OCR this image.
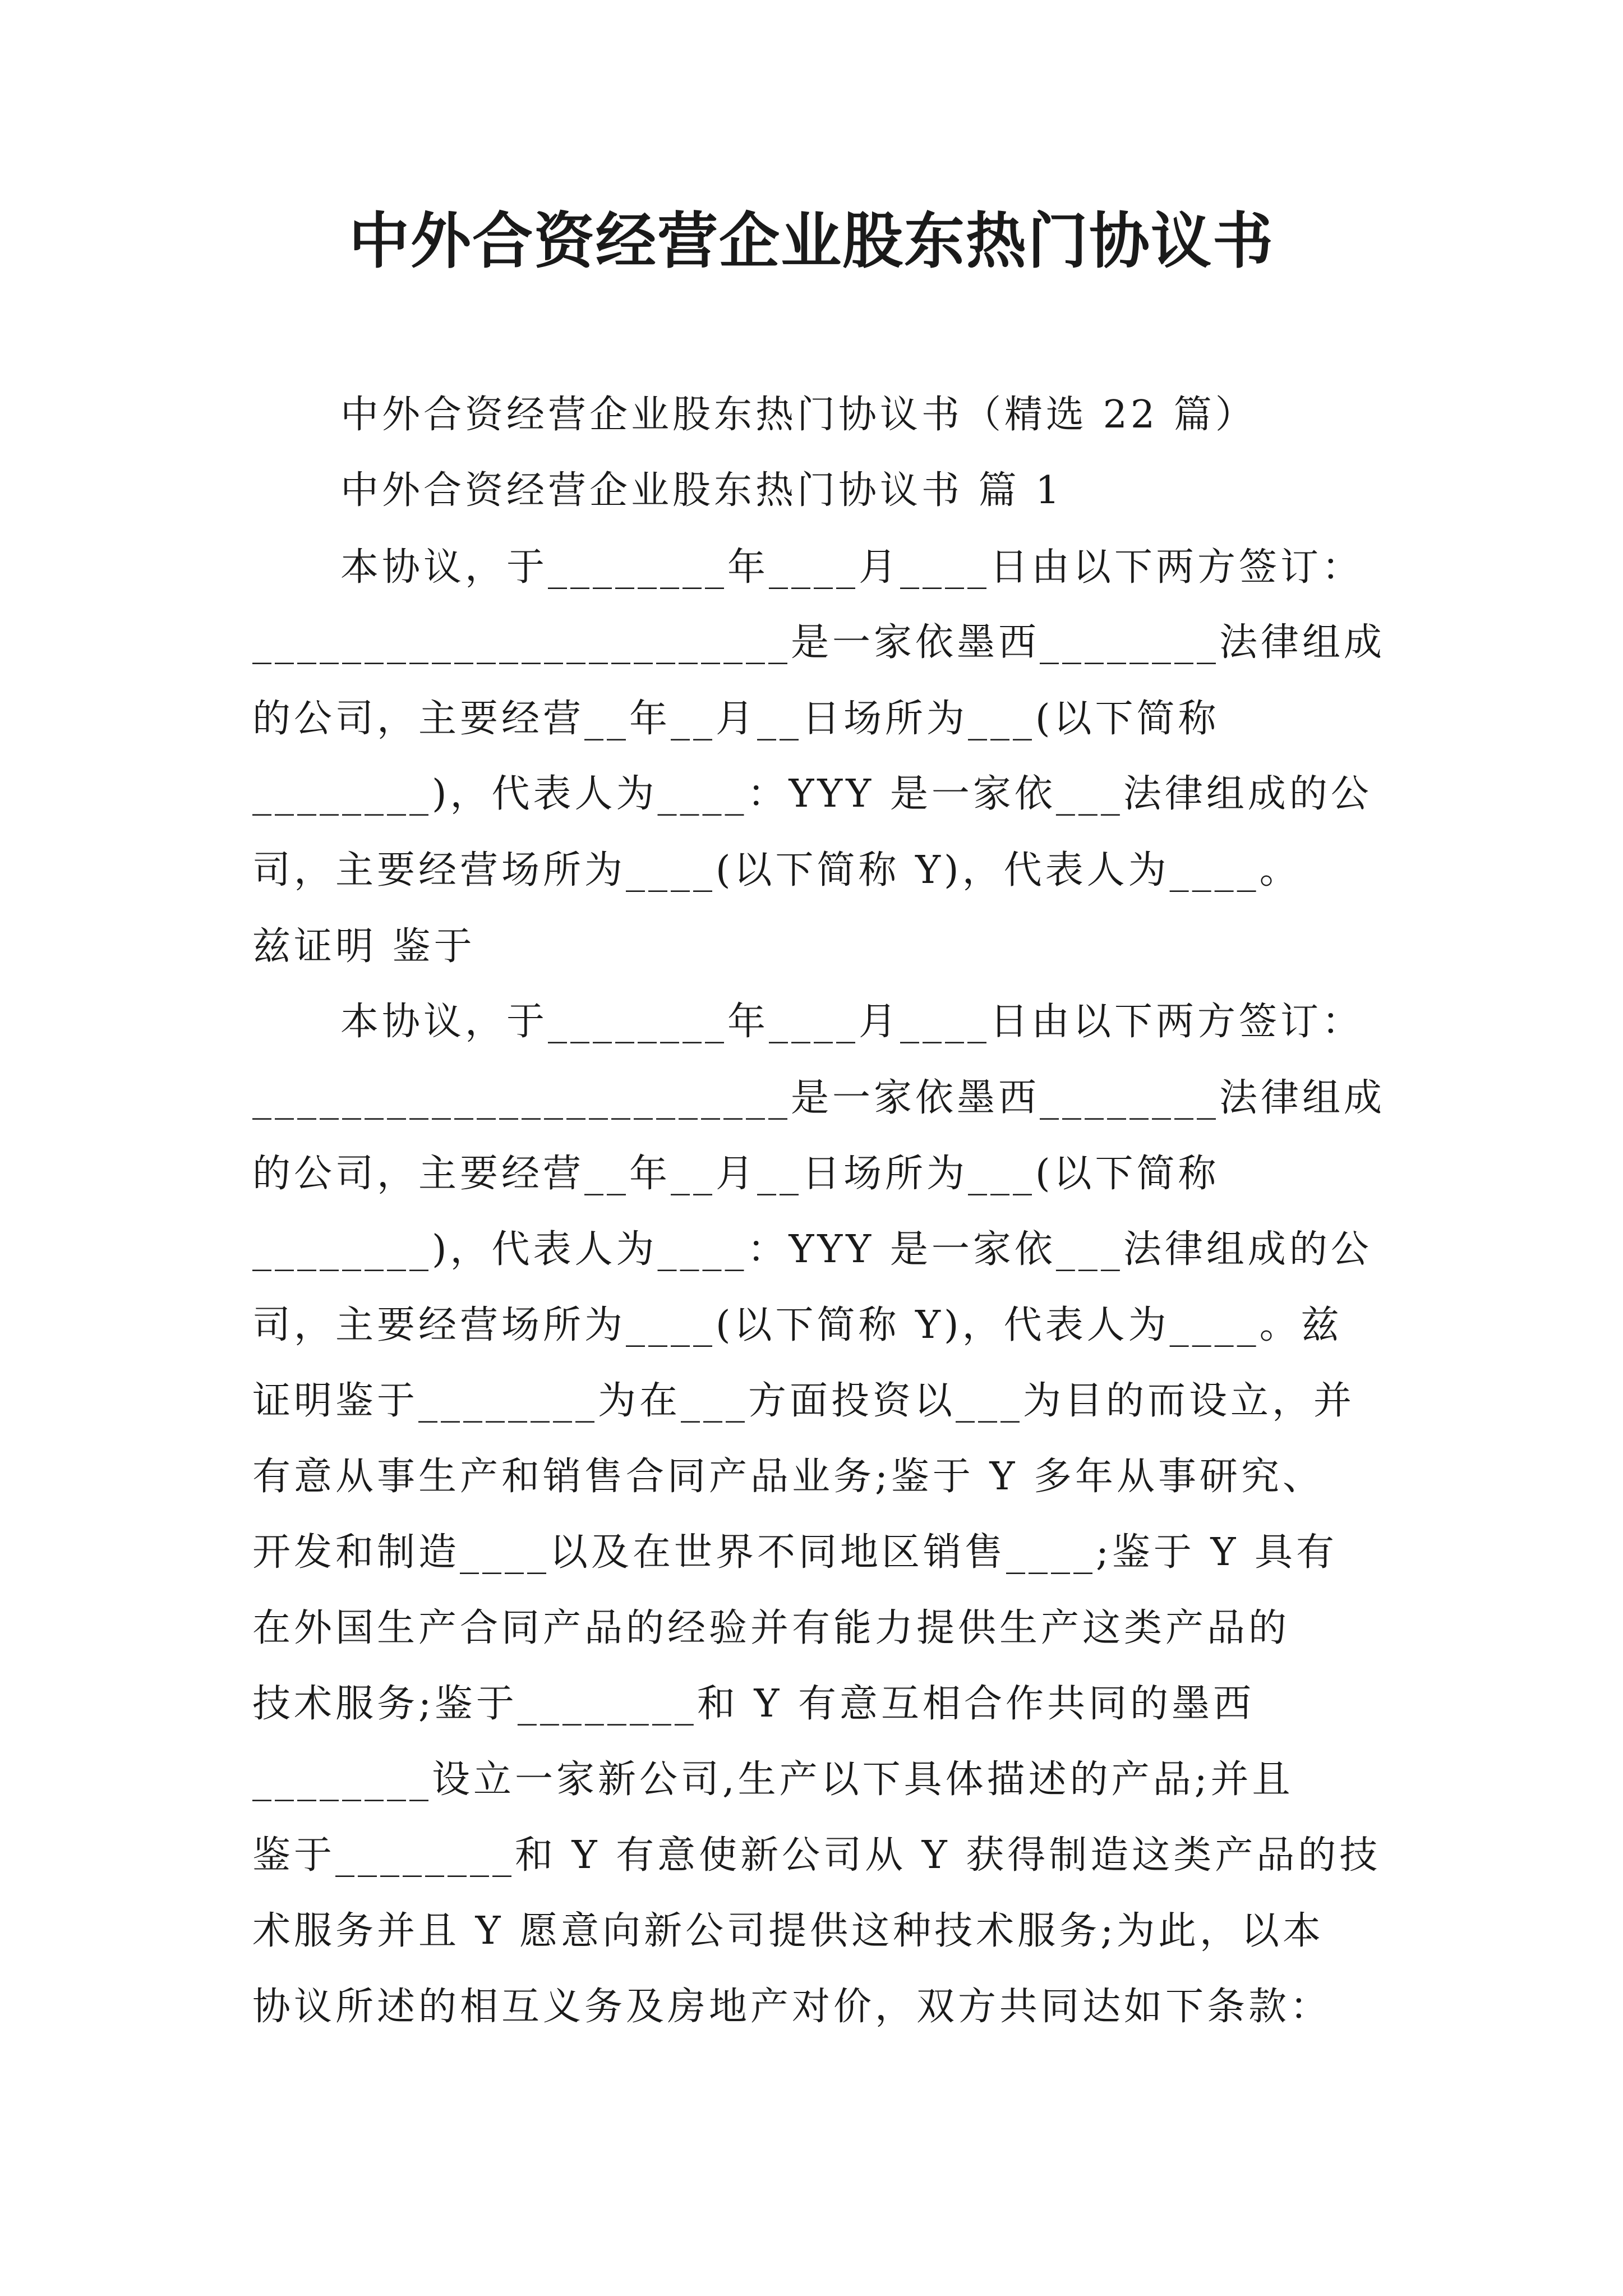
中外合资经营企业股东热门协议书
中外合资经营企业股东热门协议书（精选 22 篇）
中外合资经营企业股东热门协议书 篇 1
本协议，于________年____月____日由以下两方签订：
________________________是一家依墨西________法律组成
的公司，主要经营__年__月__日场所为___(以下简称
________)，代表人为____：YYY 是一家依___法律组成的公
司，主要经营场所为____(以下简称 Y)，代表人为____。
兹证明 鉴于
本协议，于________年____月____日由以下两方签订：
________________________是一家依墨西________法律组成
的公司，主要经营__年__月__日场所为___(以下简称
________)，代表人为____：YYY 是一家依___法律组成的公
司，主要经营场所为____(以下简称 Y)，代表人为____。兹
证明鉴于________为在___方面投资以___为目的而设立，并
有意从事生产和销售合同产品业务;鉴于 Y 多年从事研究、
开发和制造____以及在世界不同地区销售____;鉴于 Y 具有
在外国生产合同产品的经验并有能力提供生产这类产品的
技术服务;鉴于________和 Y 有意互相合作共同的墨西
________设立一家新公司,生产以下具体描述的产品;并且
鉴于________和 Y 有意使新公司从 Y 获得制造这类产品的技
术服务并且 Y 愿意向新公司提供这种技术服务;为此，以本
协议所述的相互义务及房地产对价，双方共同达如下条款：
